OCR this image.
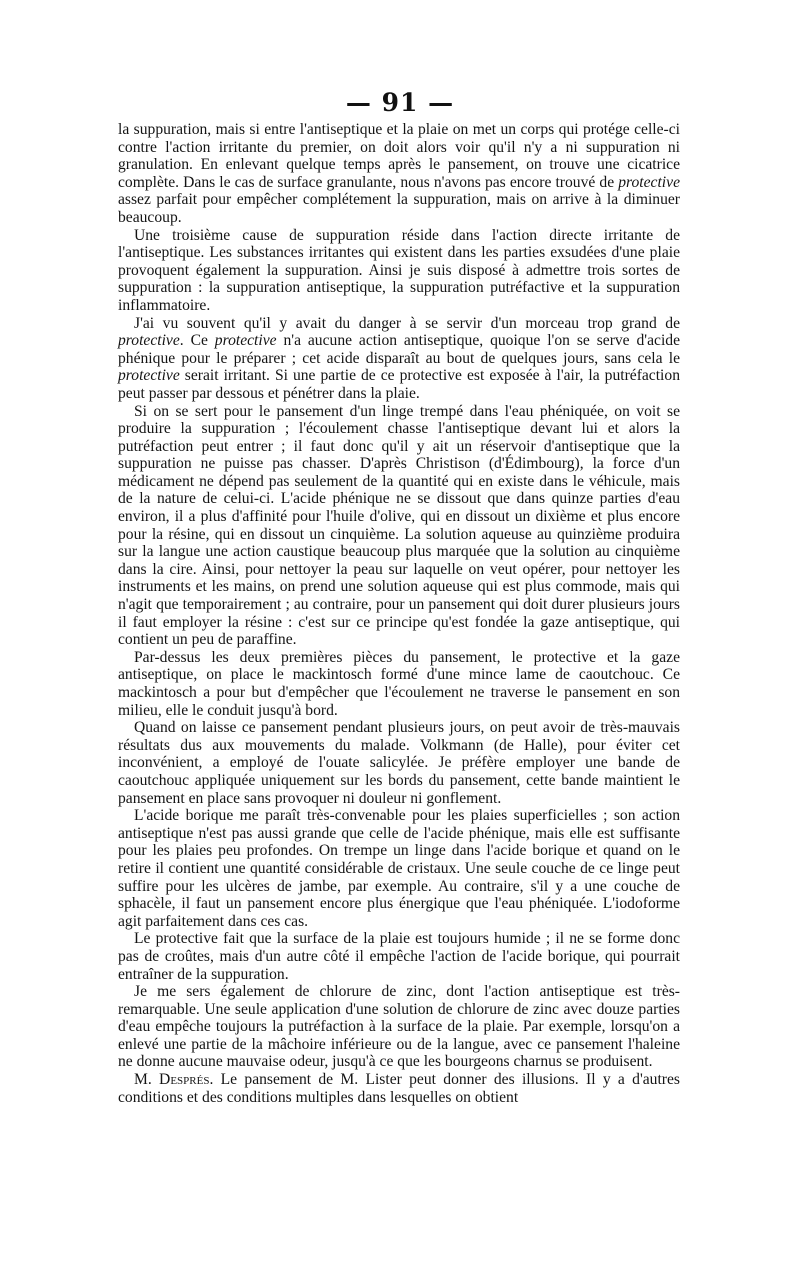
— 91 —

la suppuration, mais si entre l'antiseptique et la plaie on met un corps qui protége celle-ci contre l'action irritante du premier, on doit alors voir qu'il n'y a ni suppuration ni granulation. En enlevant quelque temps après le pansement, on trouve une cicatrice complète. Dans le cas de surface granulante, nous n'avons pas encore trouvé de protective assez parfait pour empêcher complétement la suppuration, mais on arrive à la diminuer beaucoup.

Une troisième cause de suppuration réside dans l'action directe irritante de l'antiseptique. Les substances irritantes qui existent dans les parties exsudées d'une plaie provoquent également la suppuration. Ainsi je suis disposé à admettre trois sortes de suppuration : la suppuration antiseptique, la suppuration putréfactive et la suppuration inflammatoire.

J'ai vu souvent qu'il y avait du danger à se servir d'un morceau trop grand de protective. Ce protective n'a aucune action antiseptique, quoique l'on se serve d'acide phénique pour le préparer ; cet acide disparaît au bout de quelques jours, sans cela le protective serait irritant. Si une partie de ce protective est exposée à l'air, la putréfaction peut passer par dessous et pénétrer dans la plaie.

Si on se sert pour le pansement d'un linge trempé dans l'eau phéniquée, on voit se produire la suppuration ; l'écoulement chasse l'antiseptique devant lui et alors la putréfaction peut entrer ; il faut donc qu'il y ait un réservoir d'antiseptique que la suppuration ne puisse pas chasser. D'après Christison (d'Édimbourg), la force d'un médicament ne dépend pas seulement de la quantité qui en existe dans le véhicule, mais de la nature de celui-ci. L'acide phénique ne se dissout que dans quinze parties d'eau environ, il a plus d'affinité pour l'huile d'olive, qui en dissout un dixième et plus encore pour la résine, qui en dissout un cinquième. La solution aqueuse au quinzième produira sur la langue une action caustique beaucoup plus marquée que la solution au cinquième dans la cire. Ainsi, pour nettoyer la peau sur laquelle on veut opérer, pour nettoyer les instruments et les mains, on prend une solution aqueuse qui est plus commode, mais qui n'agit que temporairement ; au contraire, pour un pansement qui doit durer plusieurs jours il faut employer la résine : c'est sur ce principe qu'est fondée la gaze antiseptique, qui contient un peu de paraffine.

Par-dessus les deux premières pièces du pansement, le protective et la gaze antiseptique, on place le mackintosch formé d'une mince lame de caoutchouc. Ce mackintosch a pour but d'empêcher que l'écoulement ne traverse le pansement en son milieu, elle le conduit jusqu'à bord.

Quand on laisse ce pansement pendant plusieurs jours, on peut avoir de très-mauvais résultats dus aux mouvements du malade. Volkmann (de Halle), pour éviter cet inconvénient, a employé de l'ouate salicylée. Je préfère employer une bande de caoutchouc appliquée uniquement sur les bords du pansement, cette bande maintient le pansement en place sans provoquer ni douleur ni gonflement.

L'acide borique me paraît très-convenable pour les plaies superficielles ; son action antiseptique n'est pas aussi grande que celle de l'acide phénique, mais elle est suffisante pour les plaies peu profondes. On trempe un linge dans l'acide borique et quand on le retire il contient une quantité considérable de cristaux. Une seule couche de ce linge peut suffire pour les ulcères de jambe, par exemple. Au contraire, s'il y a une couche de sphacèle, il faut un pansement encore plus énergique que l'eau phéniquée. L'iodoforme agit parfaitement dans ces cas.

Le protective fait que la surface de la plaie est toujours humide ; il ne se forme donc pas de croûtes, mais d'un autre côté il empêche l'action de l'acide borique, qui pourrait entraîner de la suppuration.

Je me sers également de chlorure de zinc, dont l'action antiseptique est très-remarquable. Une seule application d'une solution de chlorure de zinc avec douze parties d'eau empêche toujours la putréfaction à la surface de la plaie. Par exemple, lorsqu'on a enlevé une partie de la mâchoire inférieure ou de la langue, avec ce pansement l'haleine ne donne aucune mauvaise odeur, jusqu'à ce que les bourgeons charnus se produisent.

M. Després. Le pansement de M. Lister peut donner des illusions. Il y a d'autres conditions et des conditions multiples dans lesquelles on obtient
